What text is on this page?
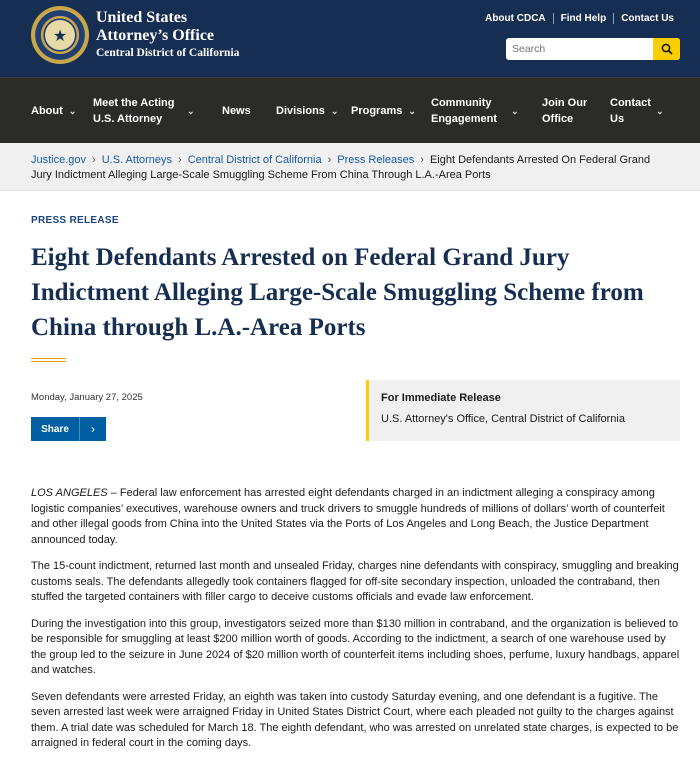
★
United States
Attorney’s Office
Central District of California
About CDCA	Find Help	Contact Us
Search
About ⌄
Meet the Acting U.S. Attorney
⌄ News Divisions ⌄ Programs ⌄
Community Engagement
⌄
Join Our Office
Contact Us
⌄
Justice.gov › U.S. Attorneys › Central District of California › Press Releases › Eight Defendants Arrested On Federal Grand Jury Indictment Alleging Large-Scale Smuggling Scheme From China Through L.A.-Area Ports
PRESS RELEASE
Eight Defendants Arrested on Federal Grand Jury Indictment Alleging Large-Scale Smuggling Scheme from China through L.A.-Area Ports
Monday, January 27, 2025
Share	›
For Immediate Release
U.S. Attorney's Office, Central District of California

LOS ANGELES – Federal law enforcement has arrested eight defendants charged in an indictment alleging a conspiracy among logistic companies’ executives, warehouse owners and truck drivers to smuggle hundreds of millions of dollars’ worth of counterfeit and other illegal goods from China into the United States via the Ports of Los Angeles and Long Beach, the Justice Department announced today.

The 15-count indictment, returned last month and unsealed Friday, charges nine defendants with conspiracy, smuggling and breaking customs seals. The defendants allegedly took containers flagged for off-site secondary inspection, unloaded the contraband, then stuffed the targeted containers with filler cargo to deceive customs officials and evade law enforcement.

During the investigation into this group, investigators seized more than $130 million in contraband, and the organization is believed to be responsible for smuggling at least $200 million worth of goods. According to the indictment, a search of one warehouse used by the group led to the seizure in June 2024 of $20 million worth of counterfeit items including shoes, perfume, luxury handbags, apparel and watches.

Seven defendants were arrested Friday, an eighth was taken into custody Saturday evening, and one defendant is a fugitive. The seven arrested last week were arraigned Friday in United States District Court, where each pleaded not guilty to the charges against them. A trial date was scheduled for March 18. The eighth defendant, who was arrested on unrelated state charges, is expected to be arraigned in federal court in the coming days.
